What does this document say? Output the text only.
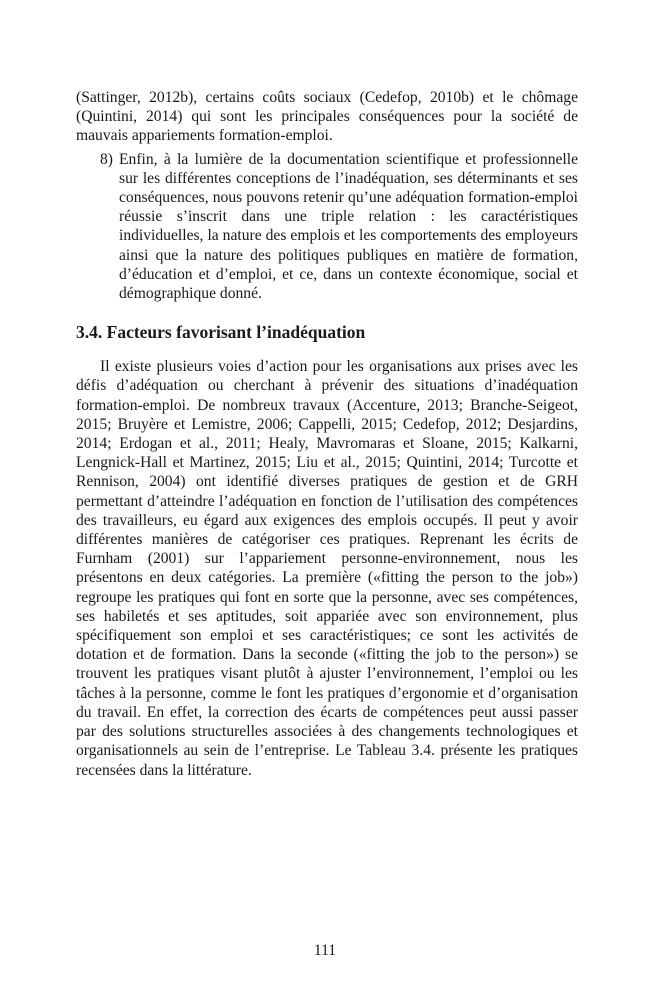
(Sattinger, 2012b), certains coûts sociaux (Cedefop, 2010b) et le chômage (Quintini, 2014) qui sont les principales conséquences pour la société de mauvais appariements formation-emploi.

8) Enfin, à la lumière de la documentation scientifique et professionnelle sur les différentes conceptions de l’inadéquation, ses déterminants et ses conséquences, nous pouvons retenir qu’une adéquation formation-emploi réussie s’inscrit dans une triple relation : les caractéristiques individuelles, la nature des emplois et les comportements des employeurs ainsi que la nature des politiques publiques en matière de formation, d’éducation et d’emploi, et ce, dans un contexte économique, social et démographique donné.

3.4. Facteurs favorisant l’inadéquation

Il existe plusieurs voies d’action pour les organisations aux prises avec les défis d’adéquation ou cherchant à prévenir des situations d’inadéquation formation-emploi. De nombreux travaux (Accenture, 2013; Branche-Seigeot, 2015; Bruyère et Lemistre, 2006; Cappelli, 2015; Cedefop, 2012; Desjardins, 2014; Erdogan et al., 2011; Healy, Mavromaras et Sloane, 2015; Kalkarni, Lengnick-Hall et Martinez, 2015; Liu et al., 2015; Quintini, 2014; Turcotte et Rennison, 2004) ont identifié diverses pratiques de gestion et de GRH permettant d’atteindre l’adéquation en fonction de l’utilisation des compétences des travailleurs, eu égard aux exigences des emplois occupés. Il peut y avoir différentes manières de catégoriser ces pratiques. Reprenant les écrits de Furnham (2001) sur l’appariement personne-environnement, nous les présentons en deux catégories. La première («fitting the person to the job») regroupe les pratiques qui font en sorte que la personne, avec ses compétences, ses habiletés et ses aptitudes, soit appariée avec son environnement, plus spécifiquement son emploi et ses caractéristiques; ce sont les activités de dotation et de formation. Dans la seconde («fitting the job to the person») se trouvent les pratiques visant plutôt à ajuster l’environnement, l’emploi ou les tâches à la personne, comme le font les pratiques d’ergonomie et d’organisation du travail. En effet, la correction des écarts de compétences peut aussi passer par des solutions structurelles associées à des changements technologiques et organisationnels au sein de l’entreprise. Le Tableau 3.4. présente les pratiques recensées dans la littérature.

111
